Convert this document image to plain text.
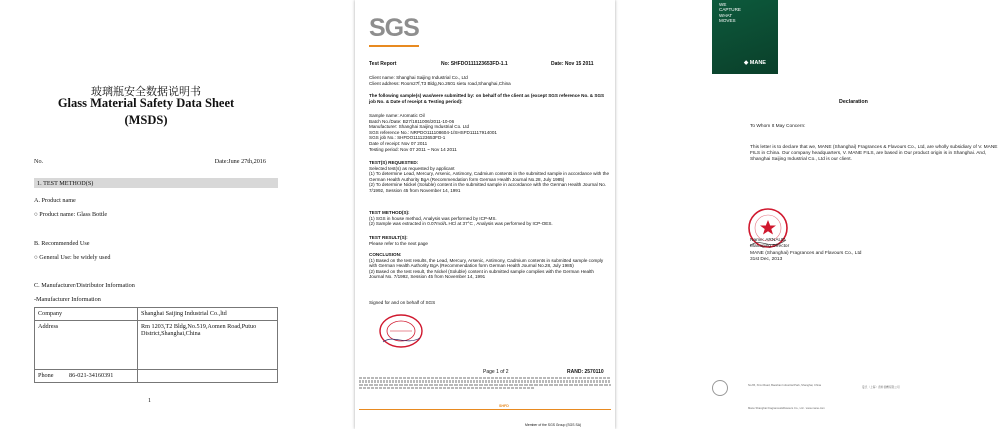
玻璃瓶安全数据说明书
Glass Material Safety Data Sheet
(MSDS)
No.	Date:June 27th,2016
1. TEST METHOD(S)
A. Product name
○ Product name: Glass Bottle
B. Recommended Use
○ General Use: be widely used
C. Manufacturer/Distributor Information
-Manufacturer Information
Company	Shanghai Saijing Industrial Co.,ltd
Address	Rm 1203,T2 Bldg,No.519,Aomen Road,Putuo District,Shanghai,China
Phone 86-021-34160391	
1
SGS
Test Report	No: SHFDO111123653FD-1.1	Date: Nov 15 2011
Client name: Shanghai Saijing Industrial Co., Ltd
Client address: Room27f,T3 Bldg,No.2601 sietu road,Shanghai,China
The following sample(s) was/were submitted by: on behalf of the client as (except SGS reference No. & SGS job No. & Date of receipt & Testing period):
Sample name: Aromatic Oil
Batch No./Date: B27/1811006/2011-10-06
Manufacturer: Shanghai Saijing Industrial Co. Ltd
SGS reference No.: NRPDO111108604-1/SHSFD11117914001
SGS job No.: SHFDO111123653FD-1
Date of receipt: Nov 07 2011
Testing period: Nov 07 2011 ~ Nov 14 2011
TEST(S) REQUESTED:
Selected test(s) as requested by applicant
(1) To determine Lead, Mercury, Arsenic, Antimony, Cadmium contents in the submitted sample in accordance with the German Health Authority BgA (Recommendation form German Health Journal No.28, July 1985)
(2) To determine Nickel (Soluble) content in the submitted sample in accordance with the German Health Journal No. 7/1992, Session 45 from November 14, 1991
TEST METHOD(S):
(1) SGS in house method, Analysis was performed by ICP-MS.
(2) Sample was extracted in 0.07mol/L HCl at 37°C , Analysis was performed by ICP-OES.
TEST RESULT(S):
Please refer to the next page
CONCLUSION:
(1) Based on the test results, the Lead, Mercury, Arsenic, Antimony, Cadmium contents in submitted sample comply with German Health Authority BgA (Recommendation form German Health Journal No.28, July 1985)
(2) Based on the test result, the Nickel (Soluble) content in submitted sample complies with the German Health Journal No. 7/1992, Session 45 from November 14, 1991
Signed for and on behalf of SGS
Page 1 of 2	RAND: 2570110
SHFD
Member of the SGS Group (SGS SA)
WE
CAPTURE
WHAT
MOVES
◆ MANE
Declaration
To Whom It May Concern:
This letter is to declare that we, MANE (Shanghai) Fragrances & Flavours Co., Ltd, are wholly subsidiary of V. MANE FILS in China. Our company headquarters, V. MANE FILS, are based in Our product origin is in Shanghai. And, Shanghai Saijing Industrial Co., Ltd is our client.
Name: ARNAUD
Managing Director
MANE (Shanghai) Fragrances and Flavours Co., Ltd
31st Dec, 2013
No.65, Xinxi Road, Baoshan Industrial Park, Shanghai, China
Mane Shanghai Fragrances&Flavours Co., Ltd · www.mane.com
曼氏（上海）香料香精有限公司
